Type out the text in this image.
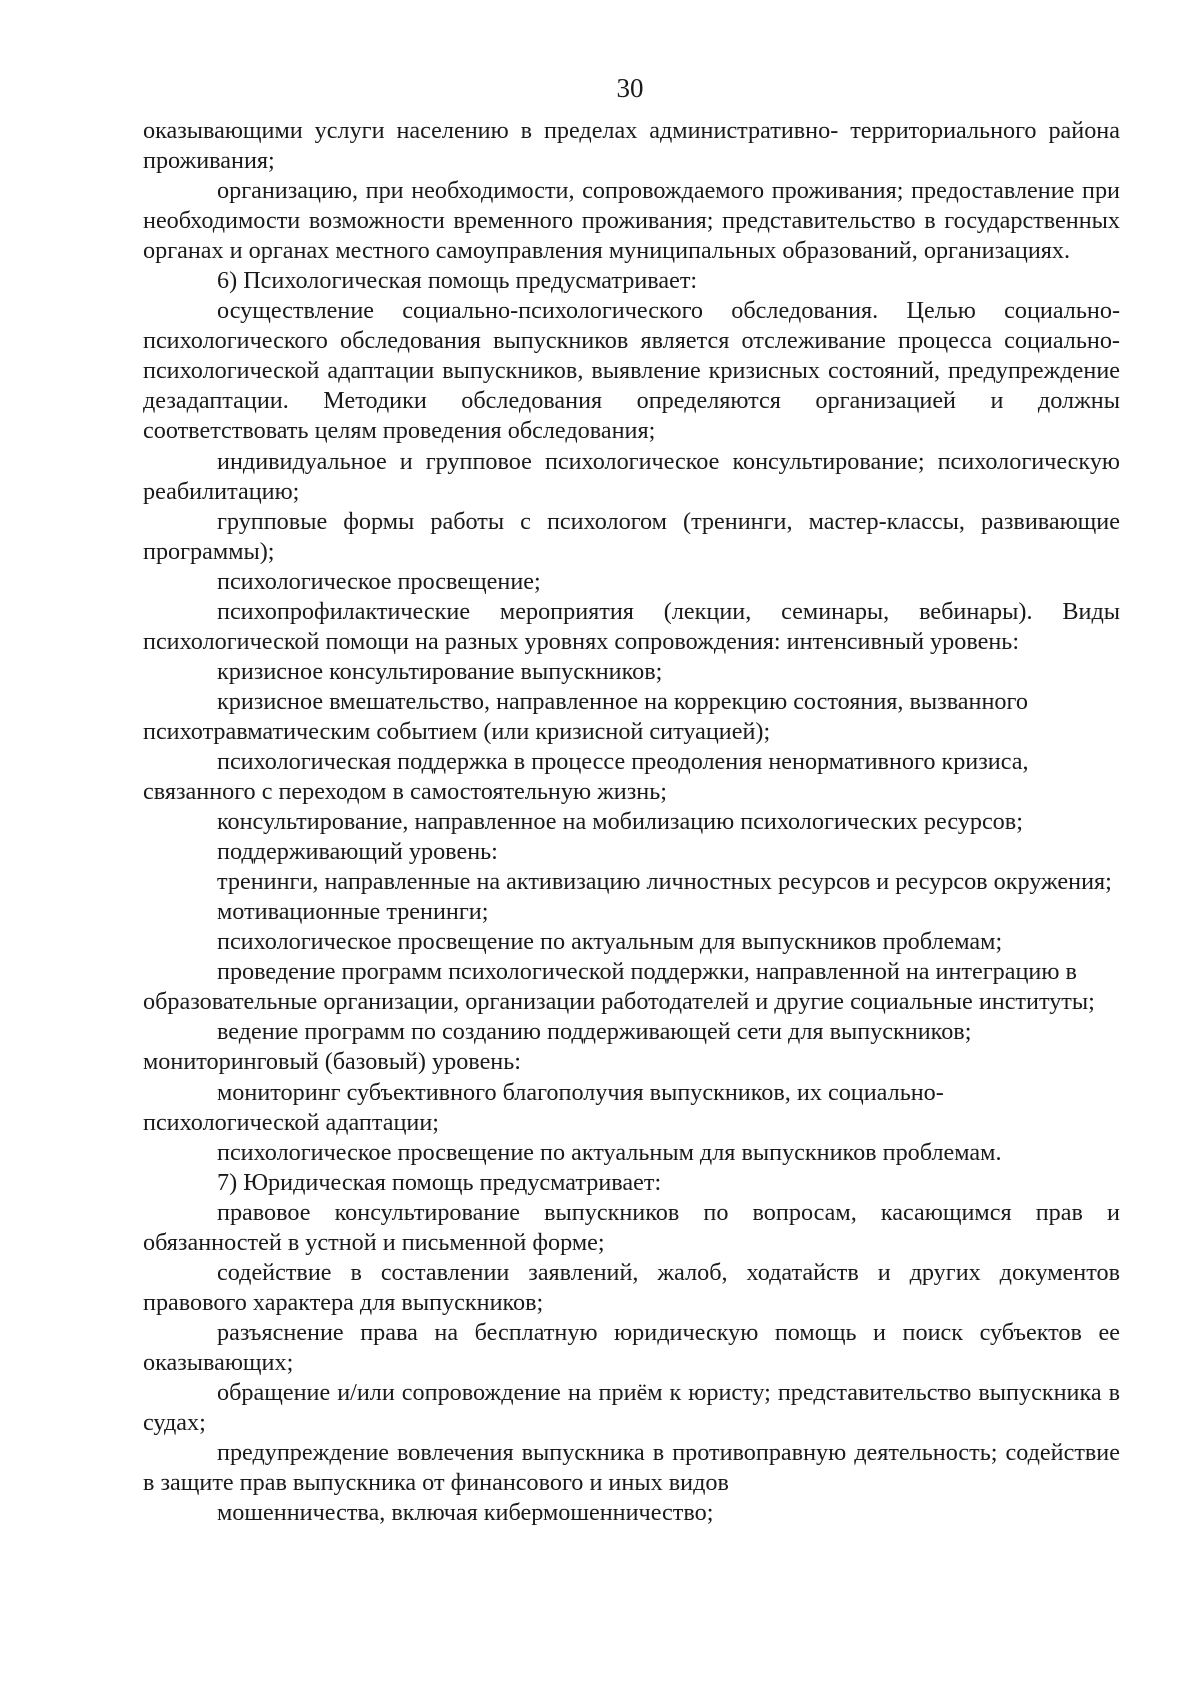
30

оказывающими услуги населению в пределах административно- территориального района проживания;

организацию, при необходимости, сопровождаемого проживания; предоставление при необходимости возможности временного проживания; представительство в государственных органах и органах местного самоуправления муниципальных образований, организациях.

6) Психологическая помощь предусматривает:

осуществление социально-психологического обследования. Целью социально-психологического обследования выпускников является отслеживание процесса социально-психологической адаптации выпускников, выявление кризисных состояний, предупреждение дезадаптации. Методики обследования определяются организацией и должны соответствовать целям проведения обследования;

индивидуальное и групповое психологическое консультирование; психологическую реабилитацию;

групповые формы работы с психологом (тренинги, мастер-классы, развивающие программы);

психологическое просвещение;

психопрофилактические мероприятия (лекции, семинары, вебинары). Виды психологической помощи на разных уровнях сопровождения: интенсивный уровень:

кризисное консультирование выпускников;

кризисное вмешательство, направленное на коррекцию состояния, вызванного психотравматическим событием (или кризисной ситуацией);

психологическая поддержка в процессе преодоления ненормативного кризиса, связанного с переходом в самостоятельную жизнь;

консультирование, направленное на мобилизацию психологических ресурсов;

поддерживающий уровень:

тренинги, направленные на активизацию личностных ресурсов и ресурсов окружения;

мотивационные тренинги;

психологическое просвещение по актуальным для выпускников проблемам;

проведение программ психологической поддержки, направленной на интеграцию в образовательные организации, организации работодателей и другие социальные институты;

ведение программ по созданию поддерживающей сети для выпускников;

мониторинговый (базовый) уровень:

мониторинг субъективного благополучия выпускников, их социально-психологической адаптации;

психологическое просвещение по актуальным для выпускников проблемам.

7) Юридическая помощь предусматривает:

правовое консультирование выпускников по вопросам, касающимся прав и обязанностей в устной и письменной форме;

содействие в составлении заявлений, жалоб, ходатайств и других документов правового характера для выпускников;

разъяснение права на бесплатную юридическую помощь и поиск субъектов ее оказывающих;

обращение и/или сопровождение на приём к юристу; представительство выпускника в судах;

предупреждение вовлечения выпускника в противоправную деятельность; содействие в защите прав выпускника от финансового и иных видов

мошенничества, включая кибермошенничество;
